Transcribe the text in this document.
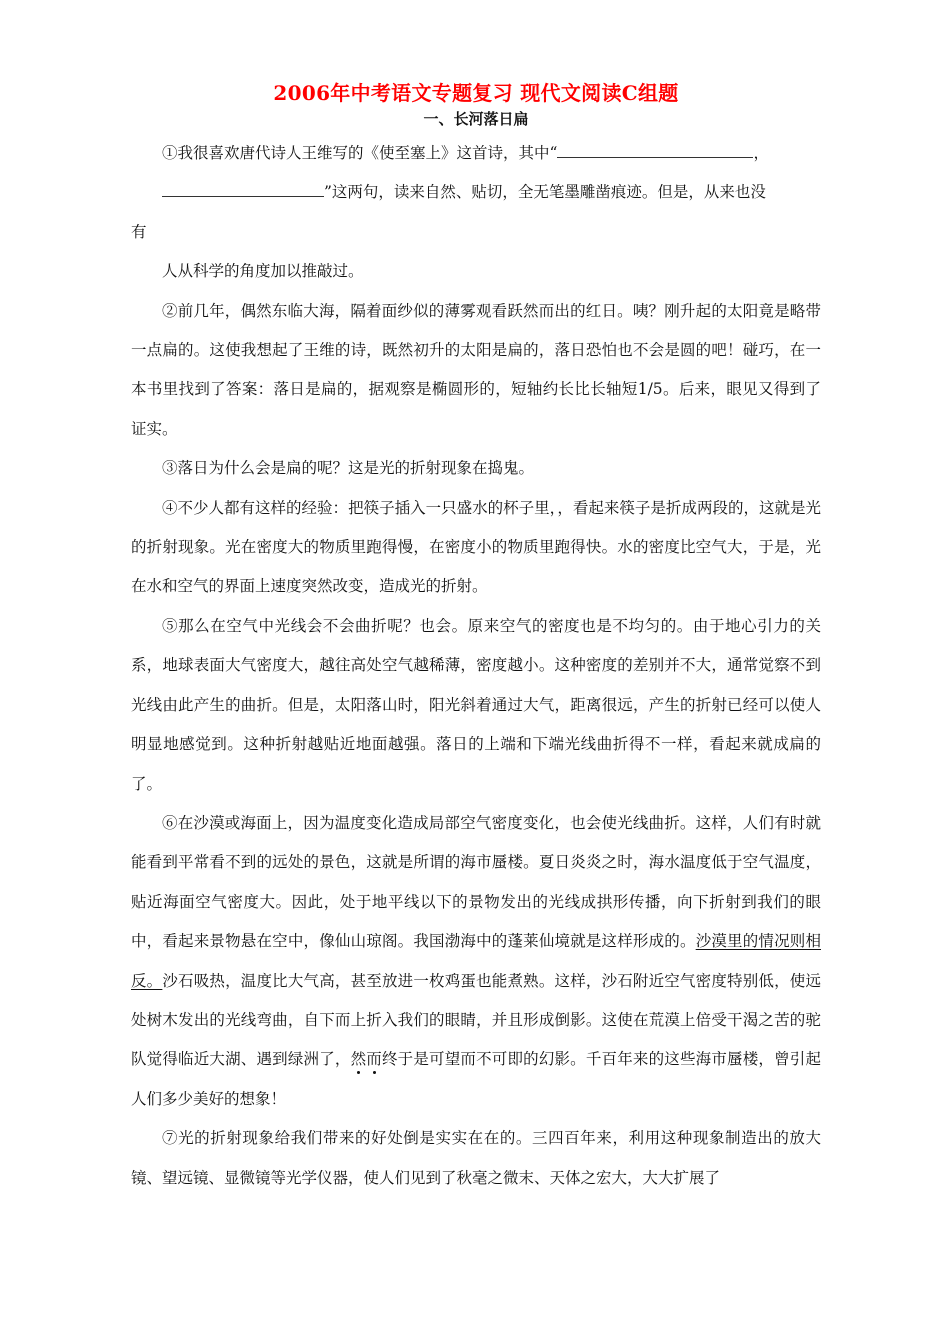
2006年中考语文专题复习 现代文阅读C组题
一、长河落日扁

①我很喜欢唐代诗人王维写的《使至塞上》这首诗，其中“	，

”这两句，读来自然、贴切，全无笔墨雕凿痕迹。但是，从来也没

有

人从科学的角度加以推敲过。

②前几年，偶然东临大海，隔着面纱似的薄雾观看跃然而出的红日。咦？刚升起的太阳竟是略带一点扁的。这使我想起了王维的诗，既然初升的太阳是扁的，落日恐怕也不会是圆的吧！碰巧，在一本书里找到了答案：落日是扁的，据观察是椭圆形的，短轴约长比长轴短1/5。后来，眼见又得到了证实。

③落日为什么会是扁的呢？这是光的折射现象在捣鬼。

④不少人都有这样的经验：把筷子插入一只盛水的杯子里，，看起来筷子是折成两段的，这就是光的折射现象。光在密度大的物质里跑得慢，在密度小的物质里跑得快。水的密度比空气大，于是，光在水和空气的界面上速度突然改变，造成光的折射。

⑤那么在空气中光线会不会曲折呢？也会。原来空气的密度也是不均匀的。由于地心引力的关系，地球表面大气密度大，越往高处空气越稀薄，密度越小。这种密度的差别并不大，通常觉察不到光线由此产生的曲折。但是，太阳落山时，阳光斜着通过大气，距离很远，产生的折射已经可以使人明显地感觉到。这种折射越贴近地面越强。落日的上端和下端光线曲折得不一样，看起来就成扁的了。

⑥在沙漠或海面上，因为温度变化造成局部空气密度变化，也会使光线曲折。这样，人们有时就能看到平常看不到的远处的景色，这就是所谓的海市蜃楼。夏日炎炎之时，海水温度低于空气温度，贴近海面空气密度大。因此，处于地平线以下的景物发出的光线成拱形传播，向下折射到我们的眼中，看起来景物悬在空中，像仙山琼阁。我国渤海中的蓬莱仙境就是这样形成的。沙漠里的情况则相反。沙石吸热，温度比大气高，甚至放进一枚鸡蛋也能煮熟。这样，沙石附近空气密度特别低，使远处树木发出的光线弯曲，自下而上折入我们的眼睛，并且形成倒影。这使在荒漠上倍受干渴之苦的驼队觉得临近大湖、遇到绿洲了，然而终于是可望而不可即的幻影。千百年来的这些海市蜃楼，曾引起人们多少美好的想象！

⑦光的折射现象给我们带来的好处倒是实实在在的。三四百年来，利用这种现象制造出的放大镜、望远镜、显微镜等光学仪器，使人们见到了秋毫之微末、天体之宏大，大大扩展了
